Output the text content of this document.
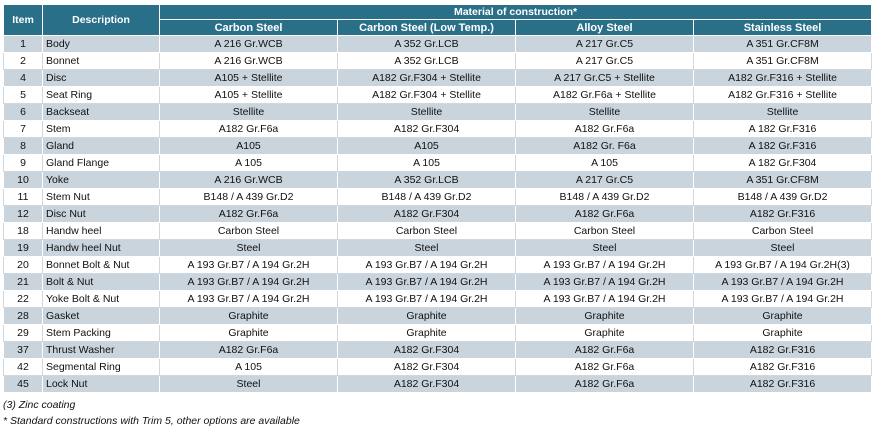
Item	Description	Material of construction*			
		Carbon Steel	Carbon Steel (Low Temp.)	Alloy Steel	Stainless Steel
1	Body	A 216 Gr.WCB	A 352 Gr.LCB	A 217 Gr.C5	A 351 Gr.CF8M
2	Bonnet	A 216 Gr.WCB	A 352 Gr.LCB	A 217 Gr.C5	A 351 Gr.CF8M
4	Disc	A105 + Stellite	A182 Gr.F304 + Stellite	A 217 Gr.C5 + Stellite	A182 Gr.F316 + Stellite
5	Seat Ring	A105 + Stellite	A182 Gr.F304 + Stellite	A182 Gr.F6a + Stellite	A182 Gr.F316 + Stellite
6	Backseat	Stellite	Stellite	Stellite	Stellite
7	Stem	A182 Gr.F6a	A182 Gr.F304	A182 Gr.F6a	A 182 Gr.F316
8	Gland	A105	A105	A182 Gr. F6a	A 182 Gr.F316
9	Gland Flange	A 105	A 105	A 105	A 182 Gr.F304
10	Yoke	A 216 Gr.WCB	A 352 Gr.LCB	A 217 Gr.C5	A 351 Gr.CF8M
11	Stem Nut	B148 / A 439 Gr.D2	B148 / A 439 Gr.D2	B148 / A 439 Gr.D2	B148 / A 439 Gr.D2
12	Disc Nut	A182 Gr.F6a	A182 Gr.F304	A182 Gr.F6a	A182 Gr.F316
18	Handw heel	Carbon Steel	Carbon Steel	Carbon Steel	Carbon Steel
19	Handw heel Nut	Steel	Steel	Steel	Steel
20	Bonnet Bolt & Nut	A 193 Gr.B7 / A 194 Gr.2H	A 193 Gr.B7 / A 194 Gr.2H	A 193 Gr.B7 / A 194 Gr.2H	A 193 Gr.B7 / A 194 Gr.2H(3)
21	Bolt & Nut	A 193 Gr.B7 / A 194 Gr.2H	A 193 Gr.B7 / A 194 Gr.2H	A 193 Gr.B7 / A 194 Gr.2H	A 193 Gr.B7 / A 194 Gr.2H
22	Yoke Bolt & Nut	A 193 Gr.B7 / A 194 Gr.2H	A 193 Gr.B7 / A 194 Gr.2H	A 193 Gr.B7 / A 194 Gr.2H	A 193 Gr.B7 / A 194 Gr.2H
28	Gasket	Graphite	Graphite	Graphite	Graphite
29	Stem Packing	Graphite	Graphite	Graphite	Graphite
37	Thrust Washer	A182 Gr.F6a	A182 Gr.F304	A182 Gr.F6a	A182 Gr.F316
42	Segmental Ring	A 105	A182 Gr.F304	A182 Gr.F6a	A182 Gr.F316
45	Lock Nut	Steel	A182 Gr.F304	A182 Gr.F6a	A182 Gr.F316
(3) Zinc coating
* Standard constructions with Trim 5, other options are available
